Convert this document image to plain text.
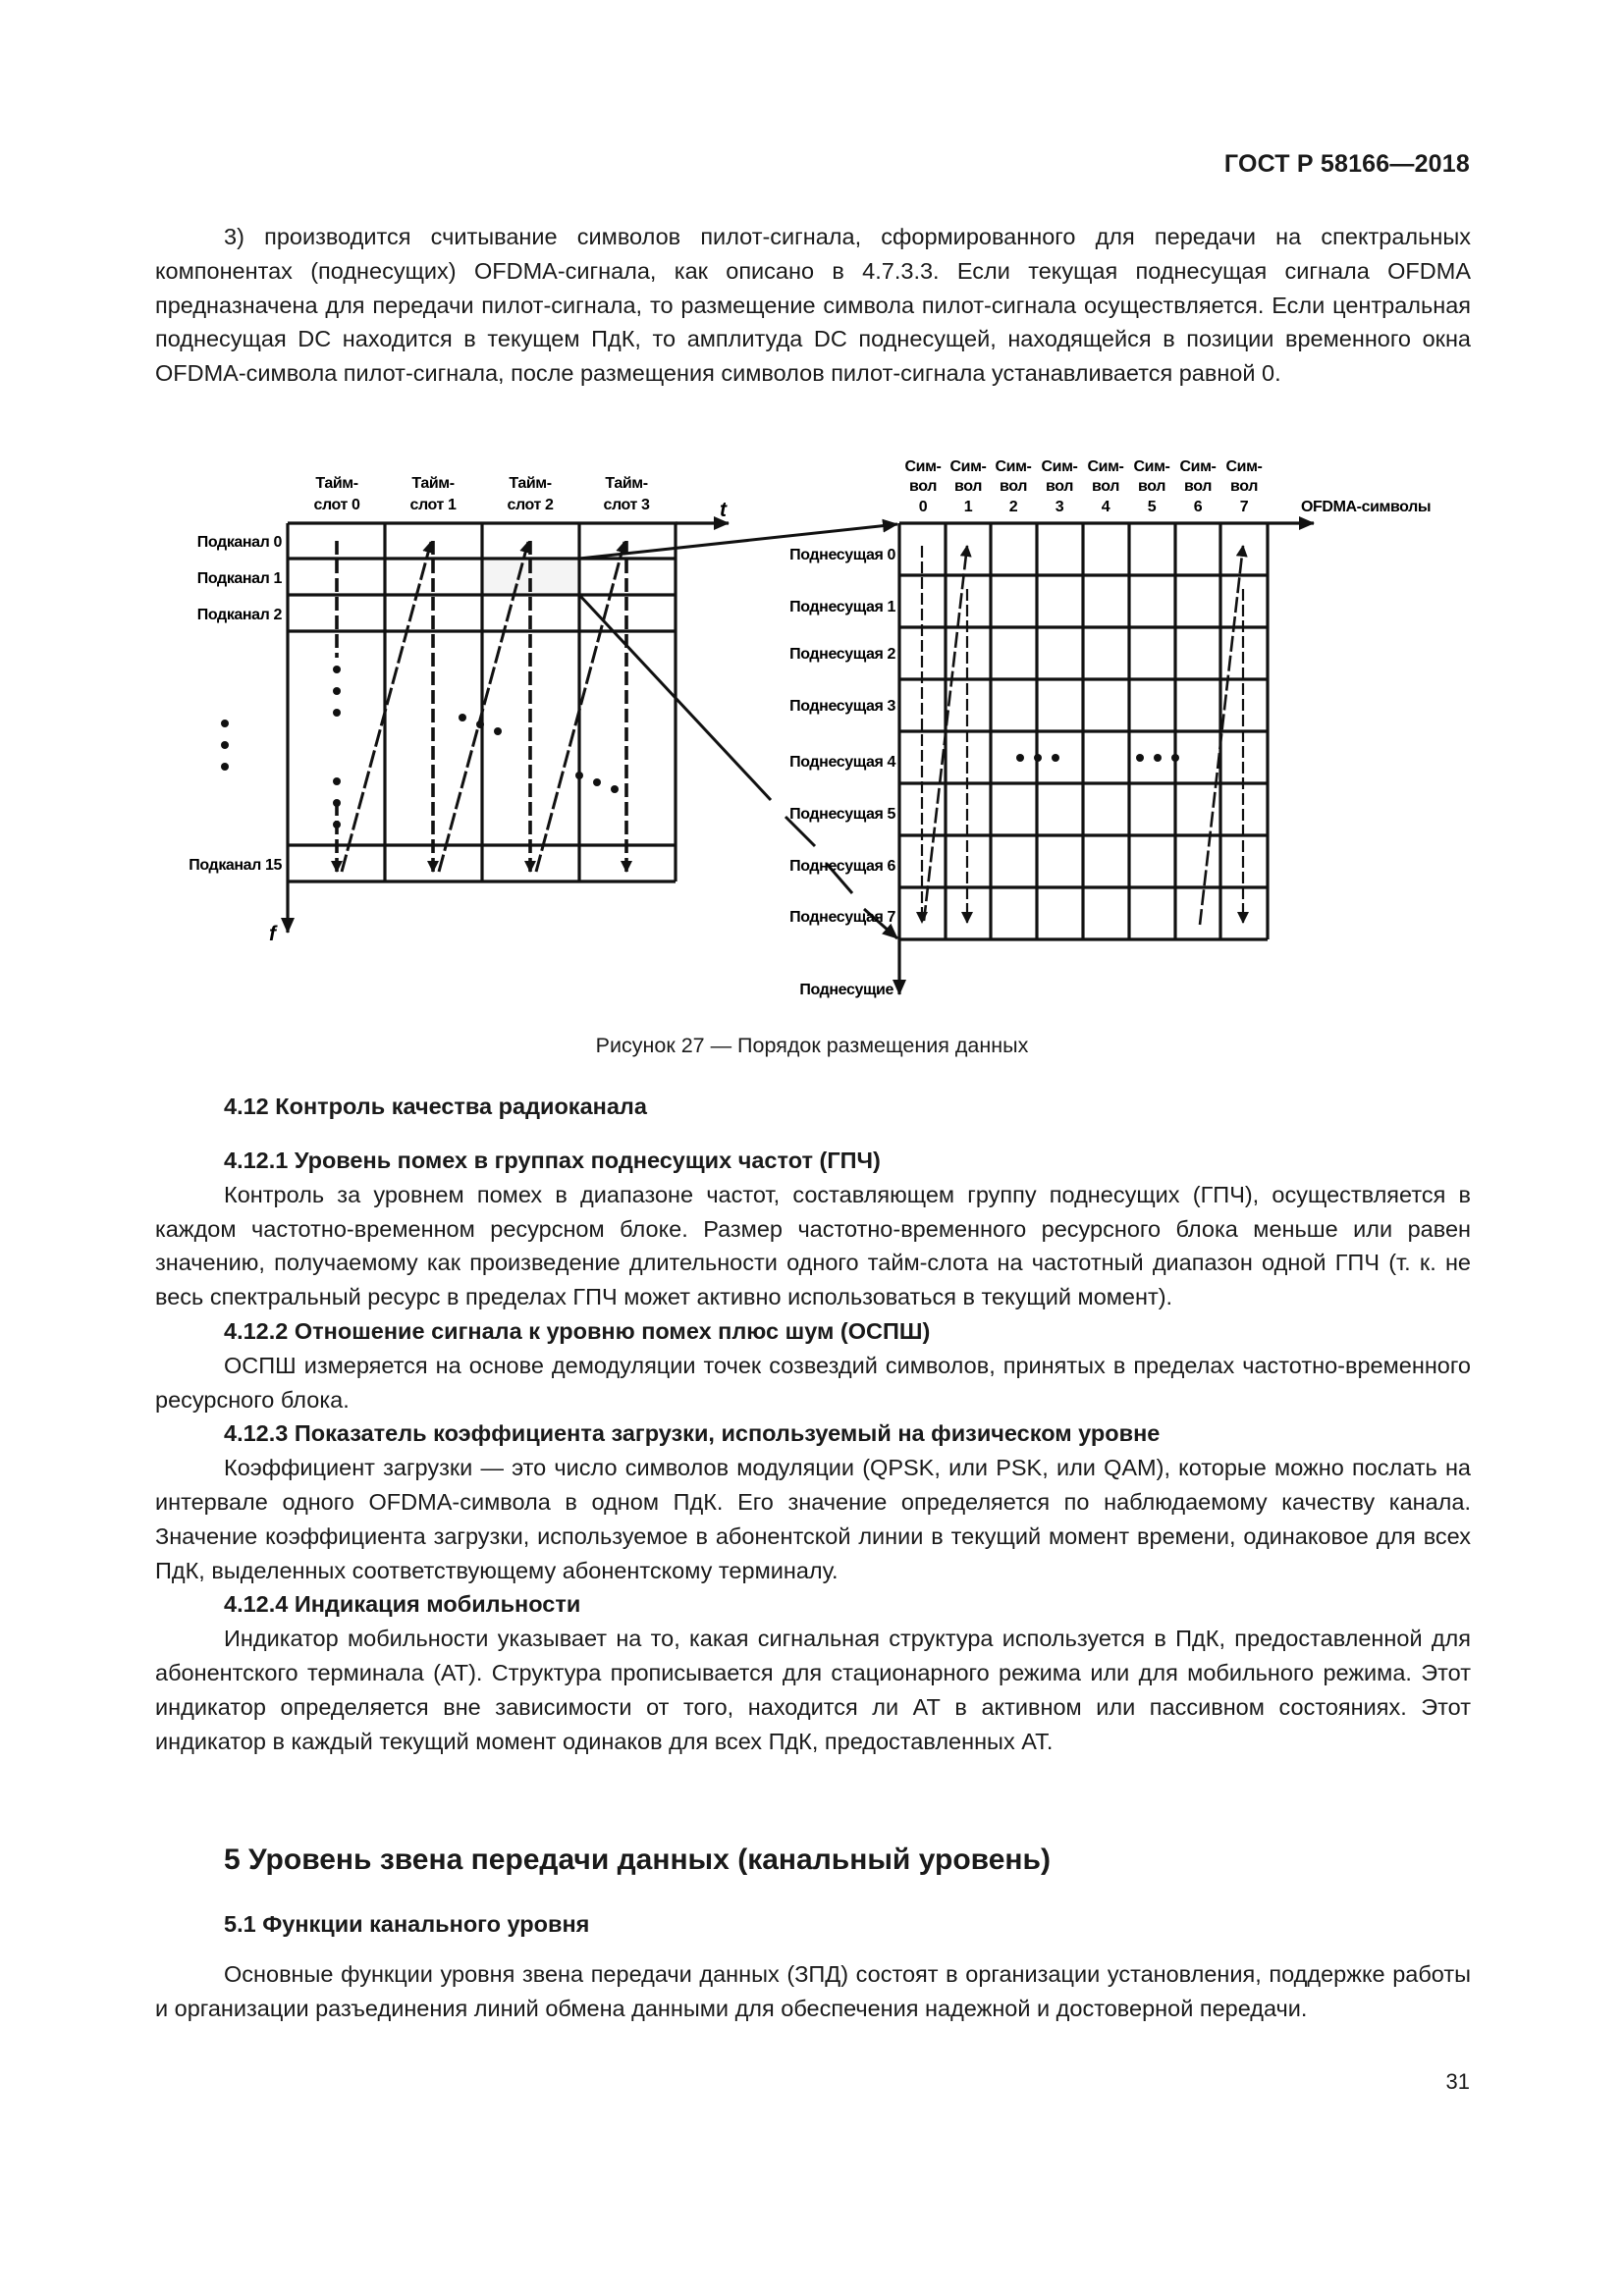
ГОСТ Р 58166—2018

3) производится считывание символов пилот-сигнала, сформированного для передачи на спектральных компонентах (поднесущих) OFDMA-сигнала, как описано в 4.7.3.3. Если текущая поднесущая сигнала OFDMA предназначена для передачи пилот-сигнала, то размещение символа пилот-сигнала осуществляется. Если центральная поднесущая DC находится в текущем ПдК, то амплитуда DC поднесущей, находящейся в позиции временного окна OFDMA-символа пилот-сигнала, после размещения символов пилот-сигнала устанавливается равной 0.

Тайм-
слот 0
Тайм-
слот 1
Тайм-
слот 2
Тайм-
слот 3	t
f
Подканал 0
Подканал 1
Подканал 2
Подканал 15
Сим-
вол
0
Сим-
вол
1
Сим-
вол
2
Сим-
вол
3
Сим-
вол
4
Сим-
вол
5
Сим-
вол
6
Сим-
вол
7	OFDMA-символы
Поднесущая 0
Поднесущая 1
Поднесущая 2
Поднесущая 3
Поднесущая 4
Поднесущая 5
Поднесущая 6
Поднесущая 7
Поднесущие
Рисунок 27 — Порядок размещения данных
4.12 Контроль качества радиоканала
4.12.1 Уровень помех в группах поднесущих частот (ГПЧ)

Контроль за уровнем помех в диапазоне частот, составляющем группу поднесущих (ГПЧ), осуществляется в каждом частотно-временном ресурсном блоке. Размер частотно-временного ресурсного блока меньше или равен значению, получаемому как произведение длительности одного тайм-слота на частотный диапазон одной ГПЧ (т. к. не весь спектральный ресурс в пределах ГПЧ может активно использоваться в текущий момент).

4.12.2 Отношение сигнала к уровню помех плюс шум (ОСПШ)

ОСПШ измеряется на основе демодуляции точек созвездий символов, принятых в пределах частотно-временного ресурсного блока.

4.12.3 Показатель коэффициента загрузки, используемый на физическом уровне

Коэффициент загрузки — это число символов модуляции (QPSK, или PSK, или QAM), которые можно послать на интервале одного OFDMA-символа в одном ПдК. Его значение определяется по наблюдаемому качеству канала. Значение коэффициента загрузки, используемое в абонентской линии в текущий момент времени, одинаковое для всех ПдК, выделенных соответствующему абонентскому терминалу.

4.12.4 Индикация мобильности

Индикатор мобильности указывает на то, какая сигнальная структура используется в ПдК, предоставленной для абонентского терминала (АТ). Структура прописывается для стационарного режима или для мобильного режима. Этот индикатор определяется вне зависимости от того, находится ли АТ в активном или пассивном состояниях. Этот индикатор в каждый текущий момент одинаков для всех ПдК, предоставленных АТ.

5 Уровень звена передачи данных (канальный уровень)
5.1 Функции канального уровня

Основные функции уровня звена передачи данных (ЗПД) состоят в организации установления, поддержке работы и организации разъединения линий обмена данными для обеспечения надежной и достоверной передачи.

31
